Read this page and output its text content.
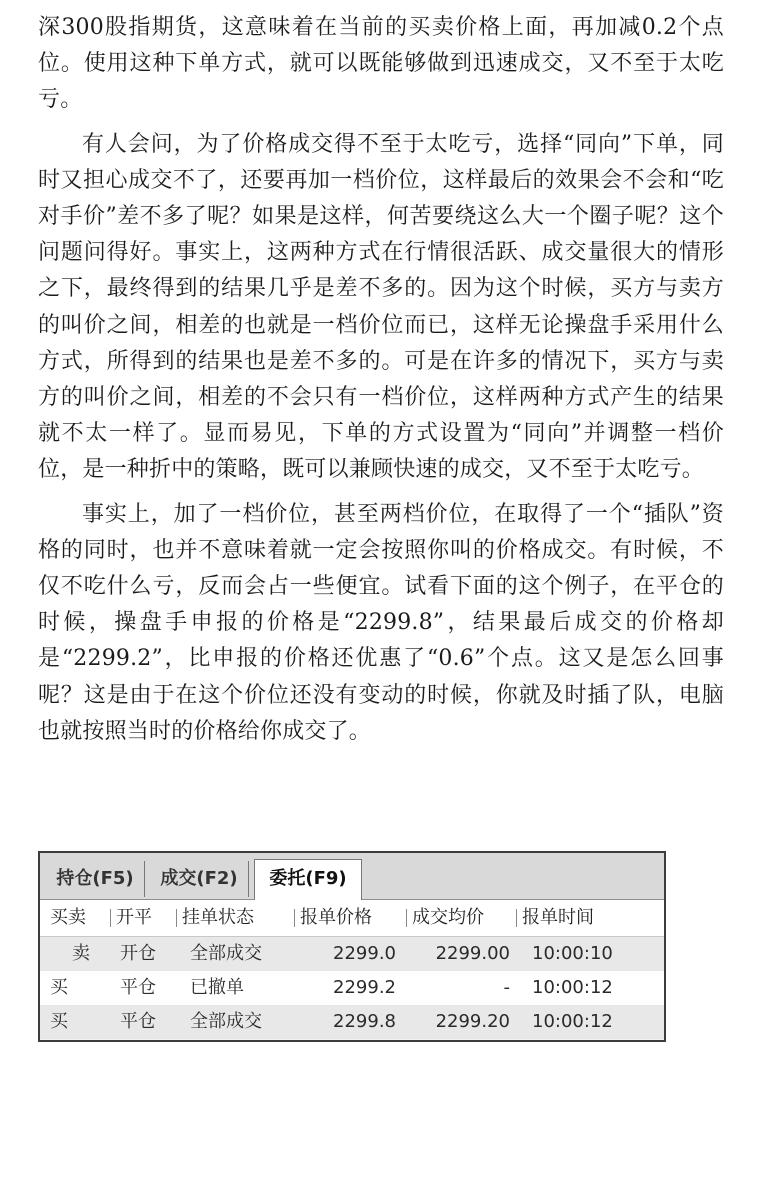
深300股指期货，这意味着在当前的买卖价格上面，再加减0.2个点位。使用这种下单方式，就可以既能够做到迅速成交，又不至于太吃亏。

有人会问，为了价格成交得不至于太吃亏，选择“同向”下单，同时又担心成交不了，还要再加一档价位，这样最后的效果会不会和“吃对手价”差不多了呢？如果是这样，何苦要绕这么大一个圈子呢？这个问题问得好。事实上，这两种方式在行情很活跃、成交量很大的情形之下，最终得到的结果几乎是差不多的。因为这个时候，买方与卖方的叫价之间，相差的也就是一档价位而已，这样无论操盘手采用什么方式，所得到的结果也是差不多的。可是在许多的情况下，买方与卖方的叫价之间，相差的不会只有一档价位，这样两种方式产生的结果就不太一样了。显而易见，下单的方式设置为“同向”并调整一档价位，是一种折中的策略，既可以兼顾快速的成交，又不至于太吃亏。

事实上，加了一档价位，甚至两档价位，在取得了一个“插队”资格的同时，也并不意味着就一定会按照你叫的价格成交。有时候，不仅不吃什么亏，反而会占一些便宜。试看下面的这个例子，在平仓的时候，操盘手申报的价格是“2299.8”，结果最后成交的价格却是“2299.2”，比申报的价格还优惠了“0.6”个点。这又是怎么回事呢？这是由于在这个价位还没有变动的时候，你就及时插了队，电脑也就按照当时的价格给你成交了。

持仓(F5)	成交(F2)	委托(F9)
买卖	开平	挂单状态	报单价格	成交均价	报单时间
卖 开仓 全部成交	2299.0	2299.00 10:00:10
买	平仓 已撤单	2299.2	- 10:00:12
买	平仓 全部成交	2299.8	2299.20 10:00:12
